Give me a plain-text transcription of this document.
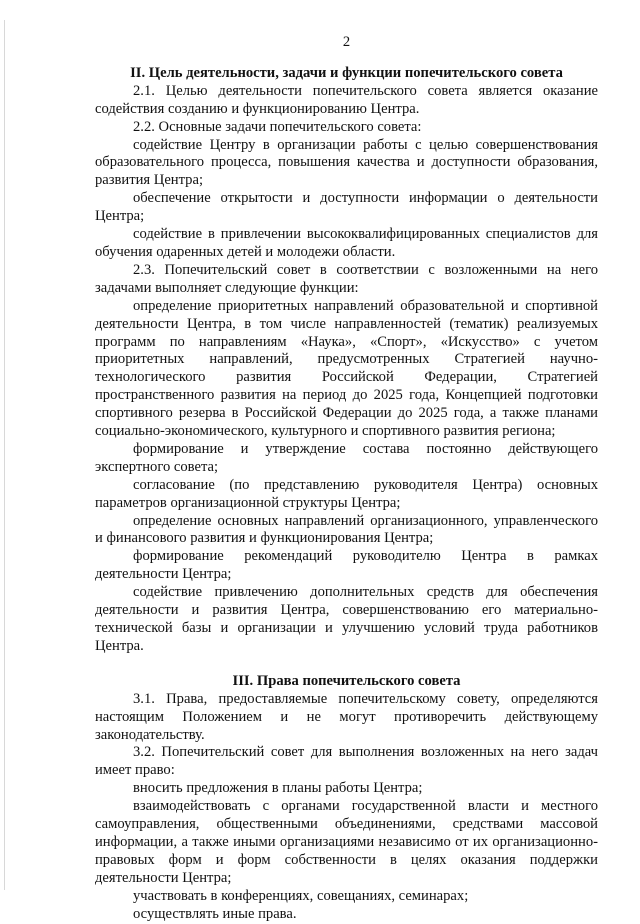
2
II. Цель деятельности, задачи и функции попечительского совета
2.1. Целью деятельности попечительского совета является оказание содействия созданию и функционированию Центра.
2.2. Основные задачи попечительского совета:
содействие Центру в организации работы с целью совершенствования образовательного процесса, повышения качества и доступности образования, развития Центра;
обеспечение открытости и доступности информации о деятельности Центра;
содействие в привлечении высококвалифицированных специалистов для обучения одаренных детей и молодежи области.
2.3. Попечительский совет в соответствии с возложенными на него задачами выполняет следующие функции:
определение приоритетных направлений образовательной и спортивной деятельности Центра, в том числе направленностей (тематик) реализуемых программ по направлениям «Наука», «Спорт», «Искусство» с учетом приоритетных направлений, предусмотренных Стратегией научно-технологического развития Российской Федерации, Стратегией пространственного развития на период до 2025 года, Концепцией подготовки спортивного резерва в Российской Федерации до 2025 года, а также планами социально-экономического, культурного и спортивного развития региона;
формирование и утверждение состава постоянно действующего экспертного совета;
согласование (по представлению руководителя Центра) основных параметров организационной структуры Центра;
определение основных направлений организационного, управленческого и финансового развития и функционирования Центра;
формирование рекомендаций руководителю Центра в рамках деятельности Центра;
содействие привлечению дополнительных средств для обеспечения деятельности и развития Центра, совершенствованию его материально-технической базы и организации и улучшению условий труда работников Центра.
III. Права попечительского совета
3.1. Права, предоставляемые попечительскому совету, определяются настоящим Положением и не могут противоречить действующему законодательству.
3.2. Попечительский совет для выполнения возложенных на него задач имеет право:
вносить предложения в планы работы Центра;
взаимодействовать с органами государственной власти и местного самоуправления, общественными объединениями, средствами массовой информации, а также иными организациями независимо от их организационно-правовых форм и форм собственности в целях оказания поддержки деятельности Центра;
участвовать в конференциях, совещаниях, семинарах;
осуществлять иные права.
